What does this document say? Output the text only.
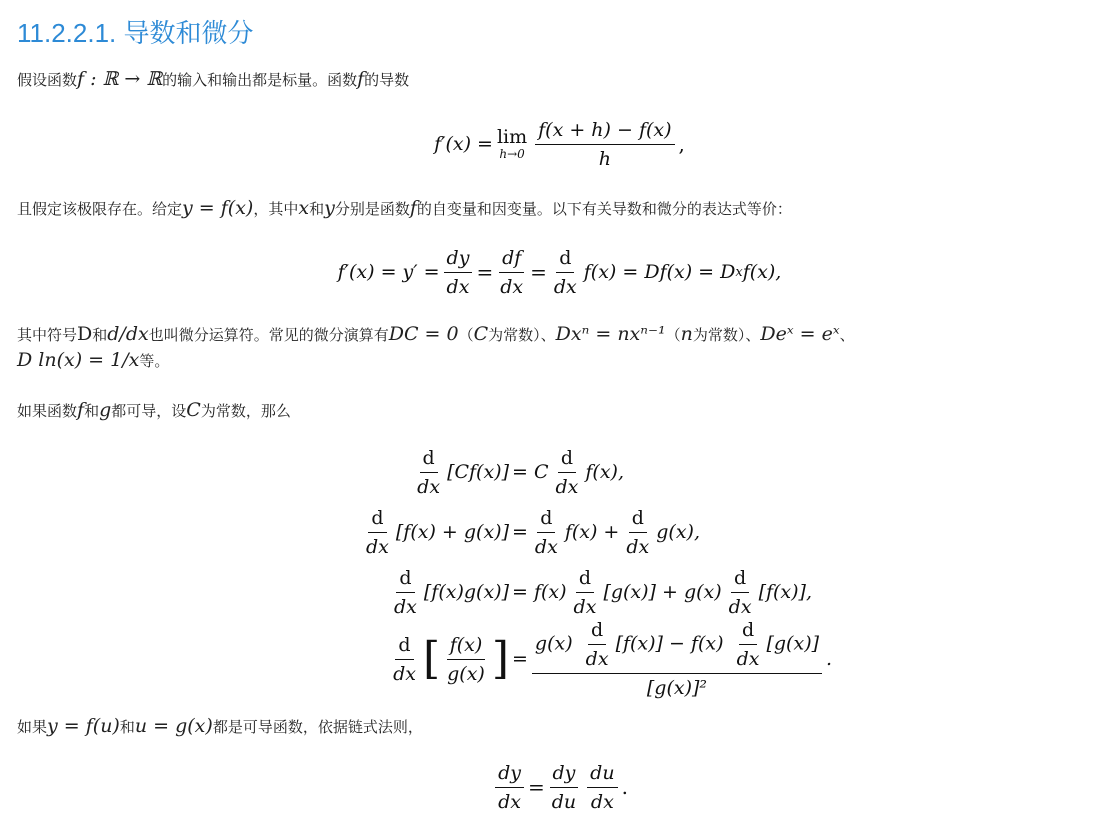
11.2.2.1. 导数和微分

假设函数f : ℝ → ℝ的输入和输出都是标量。函数f的导数

f′(x) = lim
$h\to 0 \frac{f(x + h) - f(x)}{h}$ ,

且假定该极限存在。给定y = f(x)，其中x和y分别是函数f的自变量和因变量。以下有关导数和微分的表达式等价：

$f'(x) = y' = \frac{dy}{dx} = \frac{df}{dx} = \frac{d}{dx} f(x) = Df(x) = D$ x f(x),

其中符号D和d/dx也叫微分运算符。常见的微分演算有DC = 0（C为常数）、Dxⁿ = nxⁿ⁻¹（n为常数）、Dеˣ = eˣ、

D ln(x) = 1/x等。

如果函数f和g都可导，设C为常数，那么

$\frac{d}{dx} [Cf(x)] = C \frac{d}{dx} f(x)$,
$\frac{d}{dx} [f(x) + g(x)] = \frac{d}{dx} f(x) + \frac{d}{dx} g(x)$,
$\frac{d}{dx} [f(x)g(x)] = f(x) \frac{d}{dx} [g(x)] + g(x) \frac{d}{dx} [f(x)]$,
$\frac{d}{dx}$ [ $\frac{f(x)}{g(x)}$ ] =
$g(x) \frac{d}{dx} [f(x)] - f(x) \frac{d}{dx} [g(x)]$
[g(x)]²
.

如果y = f(u)和u = g(x)都是可导函数，依据链式法则，

$\frac{dy}{dx} = \frac{dy}{du} \frac{du}{dx}$ .
